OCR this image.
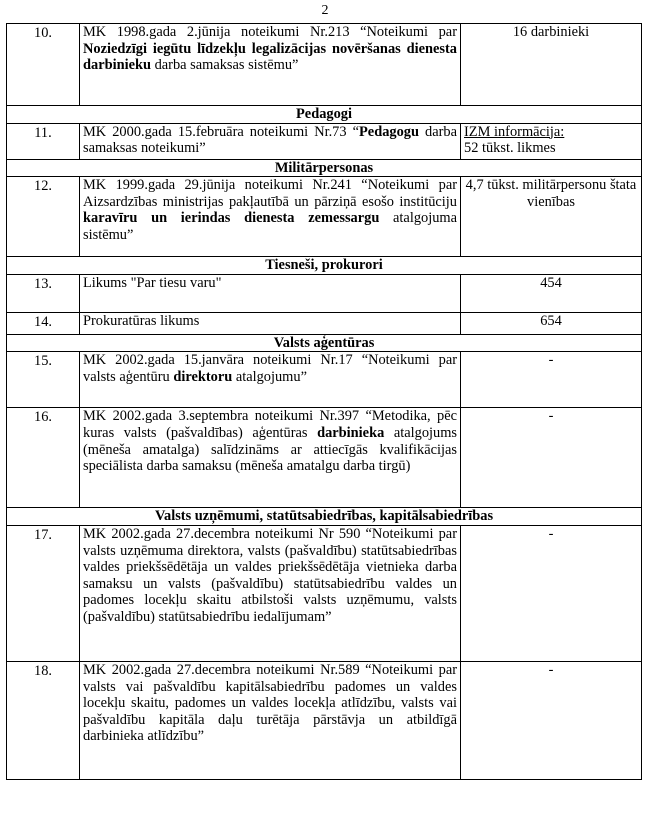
2
10.	MK 1998.gada 2.jūnija noteikumi Nr.213 “Noteikumi par Noziedzīgi iegūtu līdzekļu legalizācijas novēršanas dienesta darbinieku darba samaksas sistēmu”	16 darbinieki
Pedagogi		
11.	MK 2000.gada 15.februāra noteikumi Nr.73 “Pedagogu darba samaksas noteikumi”	IZM informācija:
52 tūkst. likmes
Militārpersonas		
12.	MK 1999.gada 29.jūnija noteikumi Nr.241 “Noteikumi par Aizsardzības ministrijas pakļautībā un pārziņā esošo institūciju karavīru un ierindas dienesta zemessargu atalgojuma sistēmu”	4,7 tūkst. militārpersonu štata vienības
Tiesneši, prokurori		
13.	Likums "Par tiesu varu"	454
14.	Prokuratūras likums	654
Valsts aģentūras		
15.	MK 2002.gada 15.janvāra noteikumi Nr.17 “Noteikumi par valsts aģentūru direktoru atalgojumu”	-
16.	MK 2002.gada 3.septembra noteikumi Nr.397 “Metodika, pēc kuras valsts (pašvaldības) aģentūras darbinieka atalgojums (mēneša amatalga) salīdzināms ar attiecīgās kvalifikācijas speciālista darba samaksu (mēneša amatalgu darba tirgū)	-
Valsts uzņēmumi, statūtsabiedrības, kapitālsabiedrības		
17.	MK 2002.gada 27.decembra noteikumi Nr 590 “Noteikumi par valsts uzņēmuma direktora, valsts (pašvaldību) statūtsabiedrības valdes priekšsēdētāja un valdes priekšsēdētāja vietnieka darba samaksu un valsts (pašvaldību) statūtsabiedrību valdes un padomes locekļu skaitu atbilstoši valsts uzņēmumu, valsts (pašvaldību) statūtsabiedrību iedalījumam”	-
18.	MK 2002.gada 27.decembra noteikumi Nr.589 “Noteikumi par valsts vai pašvaldību kapitālsabiedrību padomes un valdes locekļu skaitu, padomes un valdes locekļa atlīdzību, valsts vai pašvaldību kapitāla daļu turētāja pārstāvja un atbildīgā darbinieka atlīdzību”	-
